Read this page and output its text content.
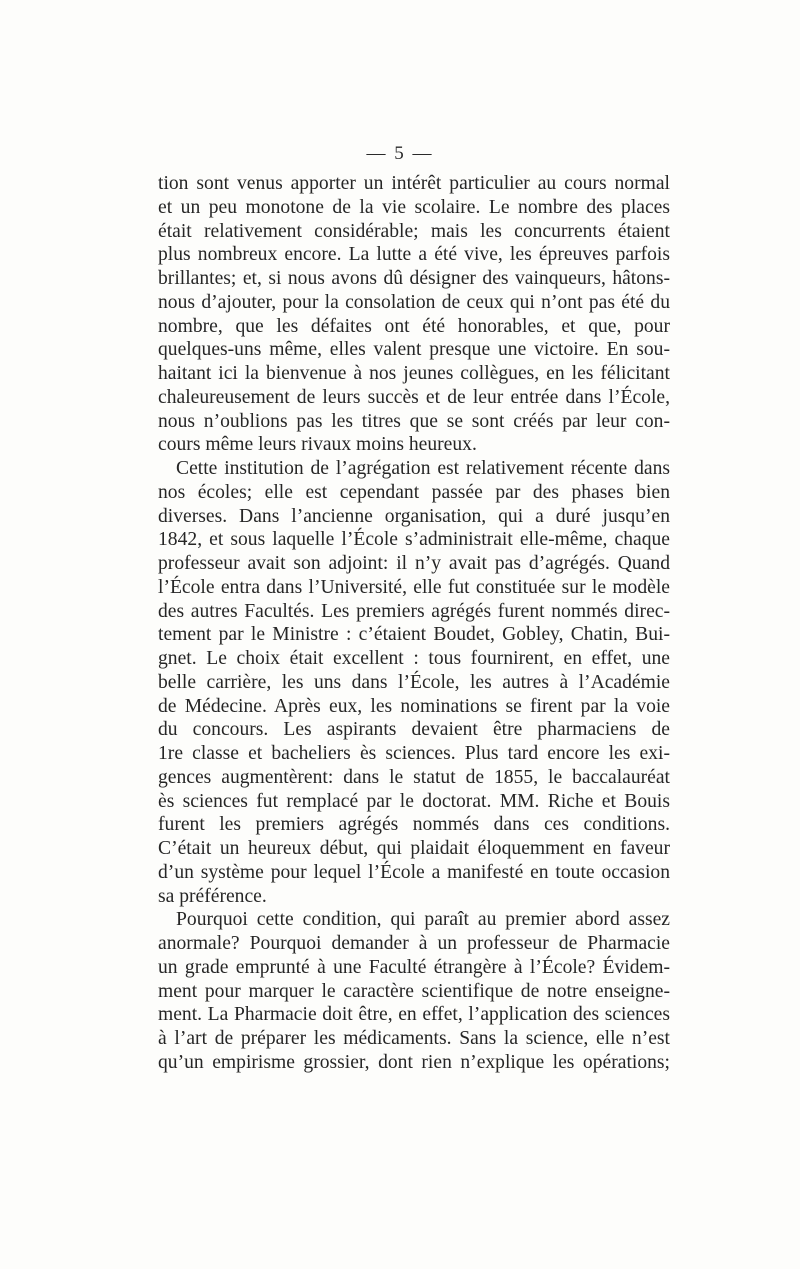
— 5 —
tion sont venus apporter un intérêt particulier au cours normal
et un peu monotone de la vie scolaire. Le nombre des places
était relativement considérable; mais les concurrents étaient
plus nombreux encore. La lutte a été vive, les épreuves parfois
brillantes; et, si nous avons dû désigner des vainqueurs, hâtons-
nous d’ajouter, pour la consolation de ceux qui n’ont pas été du
nombre, que les défaites ont été honorables, et que, pour
quelques-uns même, elles valent presque une victoire. En sou-
haitant ici la bienvenue à nos jeunes collègues, en les félicitant
chaleureusement de leurs succès et de leur entrée dans l’École,
nous n’oublions pas les titres que se sont créés par leur con-
cours même leurs rivaux moins heureux.
Cette institution de l’agrégation est relativement récente dans
nos écoles; elle est cependant passée par des phases bien
diverses. Dans l’ancienne organisation, qui a duré jusqu’en
1842, et sous laquelle l’École s’administrait elle-même, chaque
professeur avait son adjoint: il n’y avait pas d’agrégés. Quand
l’École entra dans l’Université, elle fut constituée sur le modèle
des autres Facultés. Les premiers agrégés furent nommés direc-
tement par le Ministre : c’étaient Boudet, Gobley, Chatin, Bui-
gnet. Le choix était excellent : tous fournirent, en effet, une
belle carrière, les uns dans l’École, les autres à l’Académie
de Médecine. Après eux, les nominations se firent par la voie
du concours. Les aspirants devaient être pharmaciens de
1re classe et bacheliers ès sciences. Plus tard encore les exi-
gences augmentèrent: dans le statut de 1855, le baccalauréat
ès sciences fut remplacé par le doctorat. MM. Riche et Bouis
furent les premiers agrégés nommés dans ces conditions.
C’était un heureux début, qui plaidait éloquemment en faveur
d’un système pour lequel l’École a manifesté en toute occasion
sa préférence.
Pourquoi cette condition, qui paraît au premier abord assez
anormale? Pourquoi demander à un professeur de Pharmacie
un grade emprunté à une Faculté étrangère à l’École? Évidem-
ment pour marquer le caractère scientifique de notre enseigne-
ment. La Pharmacie doit être, en effet, l’application des sciences
à l’art de préparer les médicaments. Sans la science, elle n’est
qu’un empirisme grossier, dont rien n’explique les opérations;
